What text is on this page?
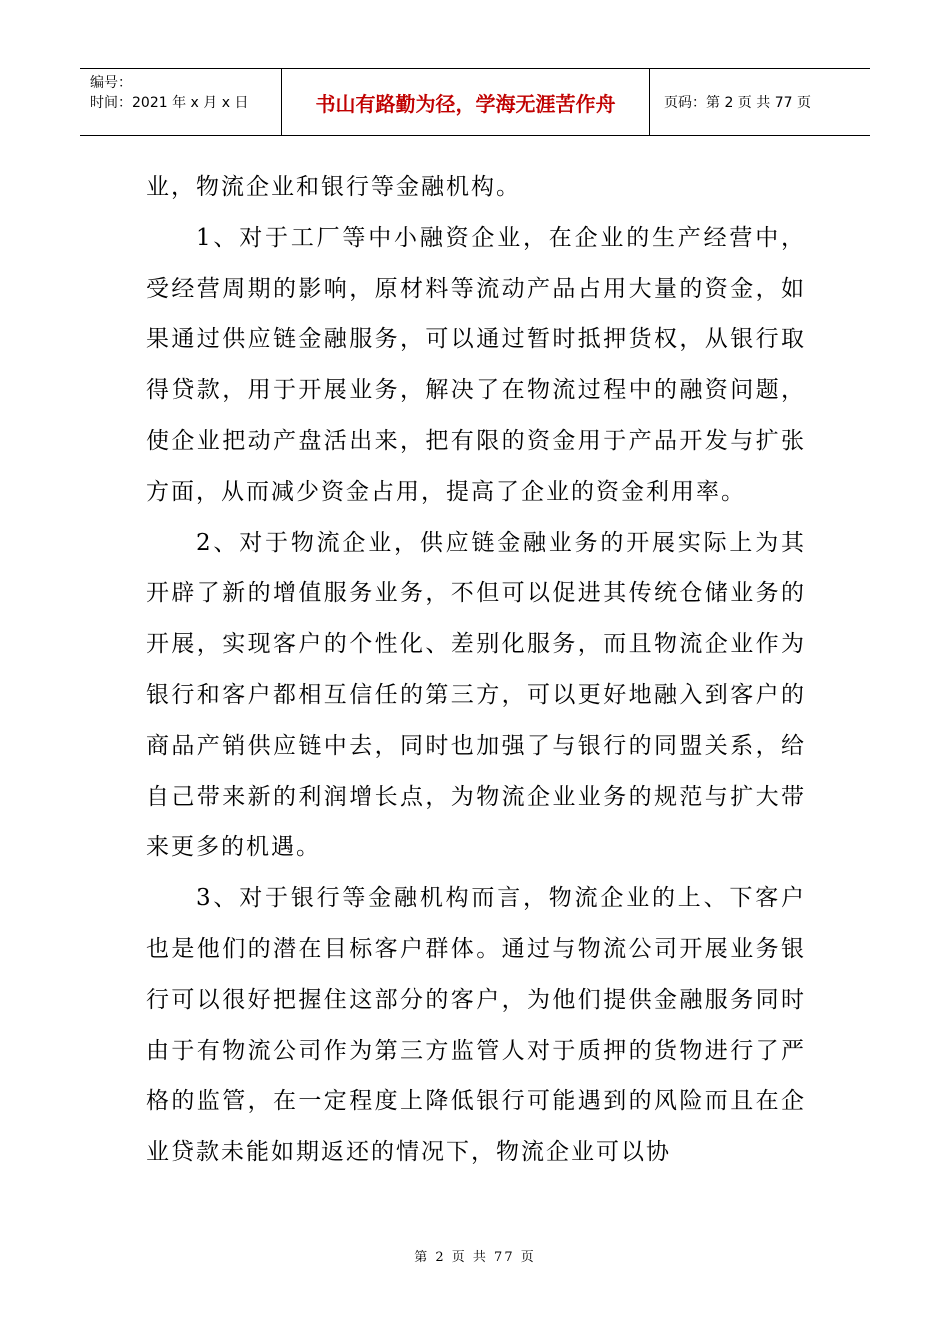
编号：
时间：2021 年 x 月 x 日	书山有路勤为径，学海无涯苦作舟	页码：第 2 页 共 77 页

业，物流企业和银行等金融机构。

1、对于工厂等中小融资企业，在企业的生产经营中，受经营周期的影响，原材料等流动产品占用大量的资金，如果通过供应链金融服务，可以通过暂时抵押货权，从银行取得贷款，用于开展业务，解决了在物流过程中的融资问题，使企业把动产盘活出来，把有限的资金用于产品开发与扩张方面，从而减少资金占用，提高了企业的资金利用率。

2、对于物流企业，供应链金融业务的开展实际上为其开辟了新的增值服务业务，不但可以促进其传统仓储业务的开展，实现客户的个性化、差别化服务，而且物流企业作为银行和客户都相互信任的第三方，可以更好地融入到客户的商品产销供应链中去，同时也加强了与银行的同盟关系，给自己带来新的利润增长点，为物流企业业务的规范与扩大带来更多的机遇。

3、对于银行等金融机构而言，物流企业的上、下客户也是他们的潜在目标客户群体。通过与物流公司开展业务银行可以很好把握住这部分的客户，为他们提供金融服务同时由于有物流公司作为第三方监管人对于质押的货物进行了严格的监管，在一定程度上降低银行可能遇到的风险而且在企业贷款未能如期返还的情况下，物流企业可以协

第 2 页 共 77 页
